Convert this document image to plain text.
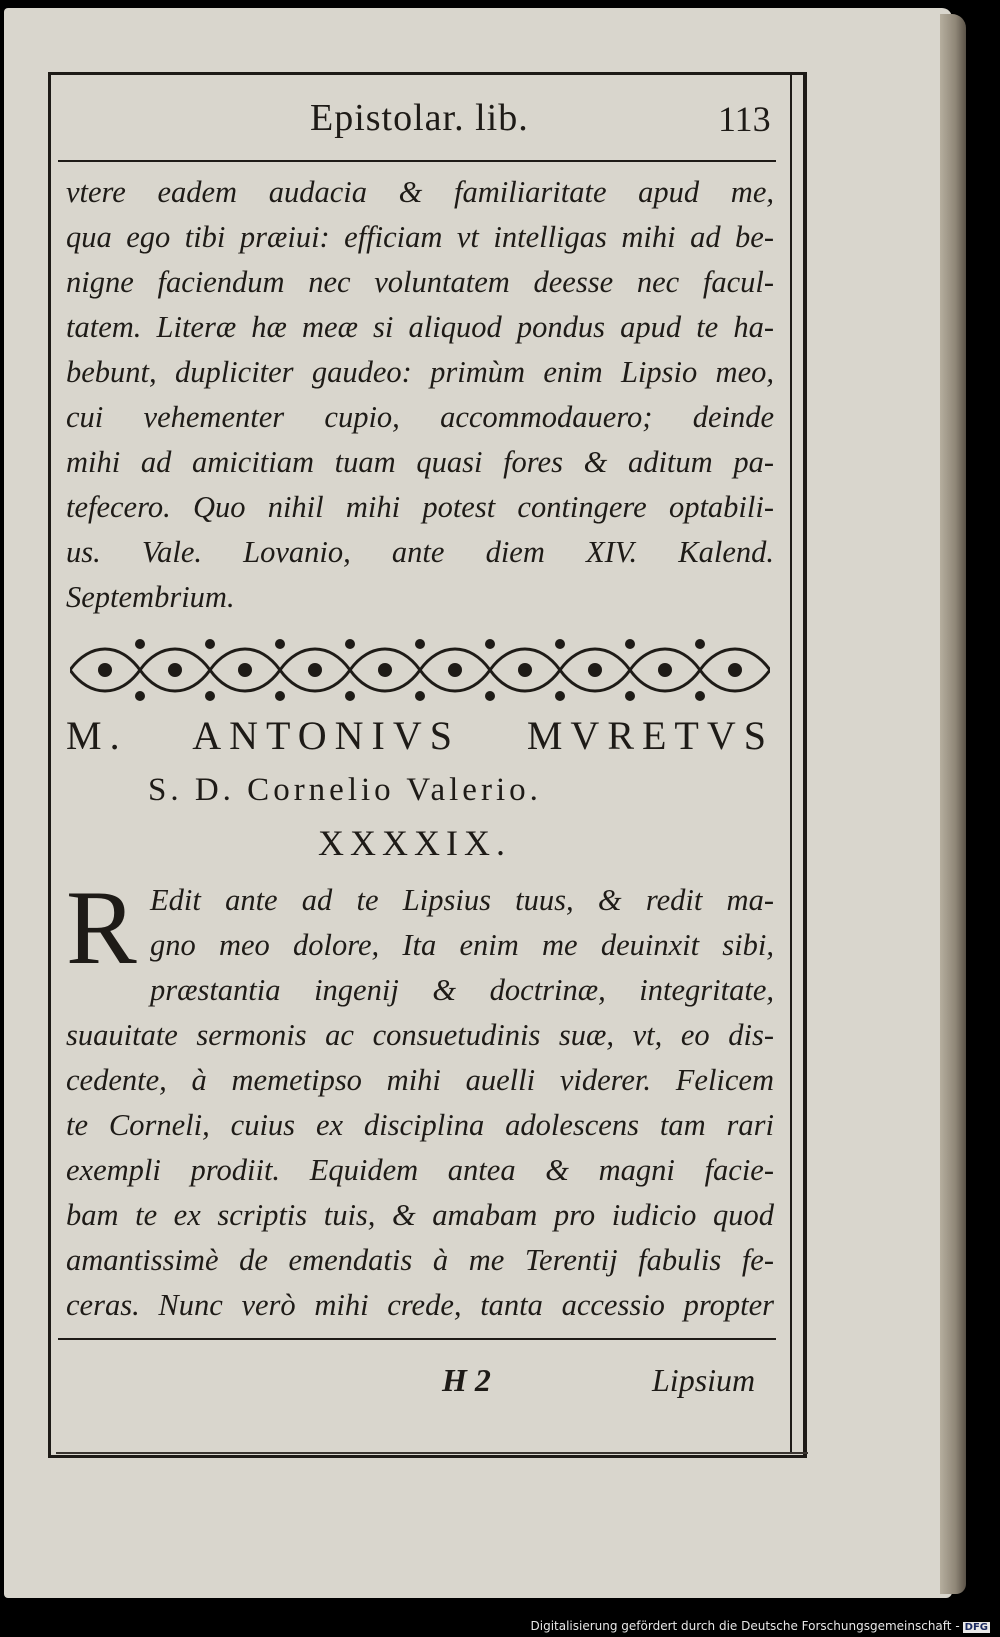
Epistolar. lib.	113
vtere eadem audacia & familiaritate apud me,
qua ego tibi præiui: efficiam vt intelligas mihi ad be-
nigne faciendum nec voluntatem deesse nec facul-
tatem. Literæ hæ meæ si aliquod pondus apud te ha-
bebunt, dupliciter gaudeo: primùm enim Lipsio meo,
cui vehementer cupio, accommodauero; deinde
mihi ad amicitiam tuam quasi fores & aditum pa-
tefecero. Quo nihil mihi potest contingere optabili-
us. Vale. Lovanio, ante diem XIV. Kalend.
Septembrium.
M. ANTONIVS MVRETVS
S. D. Cornelio Valerio.
XXXXIX.
R Edit ante ad te Lipsius tuus, & redit ma-
gno meo dolore, Ita enim me deuinxit sibi,
præstantia ingenij & doctrinæ, integritate,
suauitate sermonis ac consuetudinis suæ, vt, eo dis-
cedente, à memetipso mihi auelli viderer. Felicem
te Corneli, cuius ex disciplina adolescens tam rari
exempli prodiit. Equidem antea & magni facie-
bam te ex scriptis tuis, & amabam pro iudicio quod
amantissimè de emendatis à me Terentij fabulis fe-
ceras. Nunc verò mihi crede, tanta accessio propter
H 2	Lipsium
Digitalisierung gefördert durch die Deutsche Forschungsgemeinschaft - DFG
